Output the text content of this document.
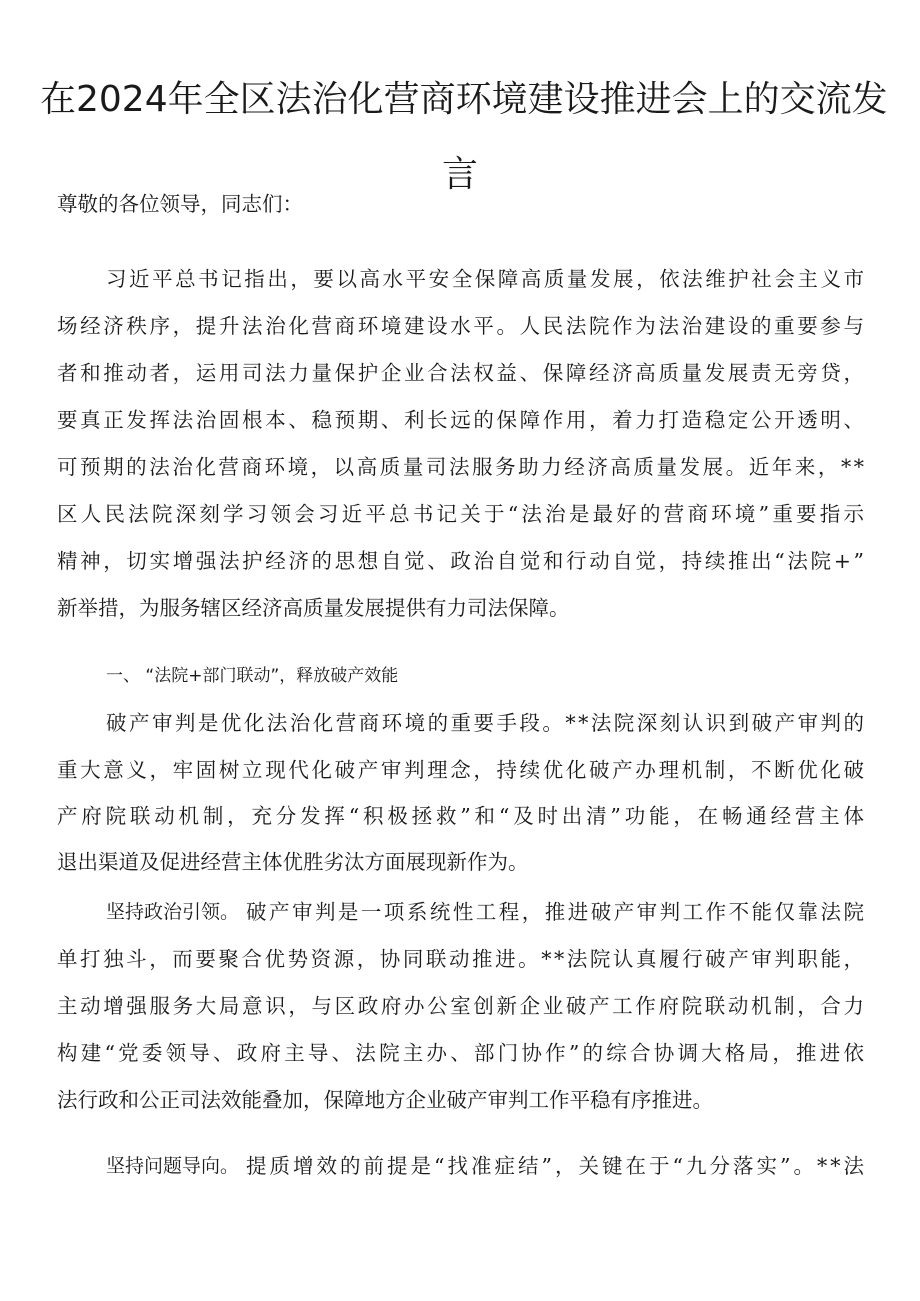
在2024年全区法治化营商环境建设推进会上的交流发
言
尊敬的各位领导，同志们：
习近平总书记指出，要以高水平安全保障高质量发展，依法维护社会主义市
场经济秩序，提升法治化营商环境建设水平。人民法院作为法治建设的重要参与
者和推动者，运用司法力量保护企业合法权益、保障经济高质量发展责无旁贷，
要真正发挥法治固根本、稳预期、利长远的保障作用，着力打造稳定公开透明、
可预期的法治化营商环境，以高质量司法服务助力经济高质量发展。近年来，**
区人民法院深刻学习领会习近平总书记关于“法治是最好的营商环境”重要指示
精神，切实增强法护经济的思想自觉、政治自觉和行动自觉，持续推出“法院+”
新举措，为服务辖区经济高质量发展提供有力司法保障。
一、 “法院+部门联动”，释放破产效能
破产审判是优化法治化营商环境的重要手段。**法院深刻认识到破产审判的
重大意义，牢固树立现代化破产审判理念，持续优化破产办理机制，不断优化破
产府院联动机制，充分发挥“积极拯救”和“及时出清”功能，在畅通经营主体
退出渠道及促进经营主体优胜劣汰方面展现新作为。
坚持政治引领。 破产审判是一项系统性工程，推进破产审判工作不能仅靠法院
单打独斗，而要聚合优势资源，协同联动推进。**法院认真履行破产审判职能，
主动增强服务大局意识，与区政府办公室创新企业破产工作府院联动机制，合力
构建“党委领导、政府主导、法院主办、部门协作”的综合协调大格局，推进依
法行政和公正司法效能叠加，保障地方企业破产审判工作平稳有序推进。
坚持问题导向。 提质增效的前提是“找准症结”，关键在于“九分落实”。**法
